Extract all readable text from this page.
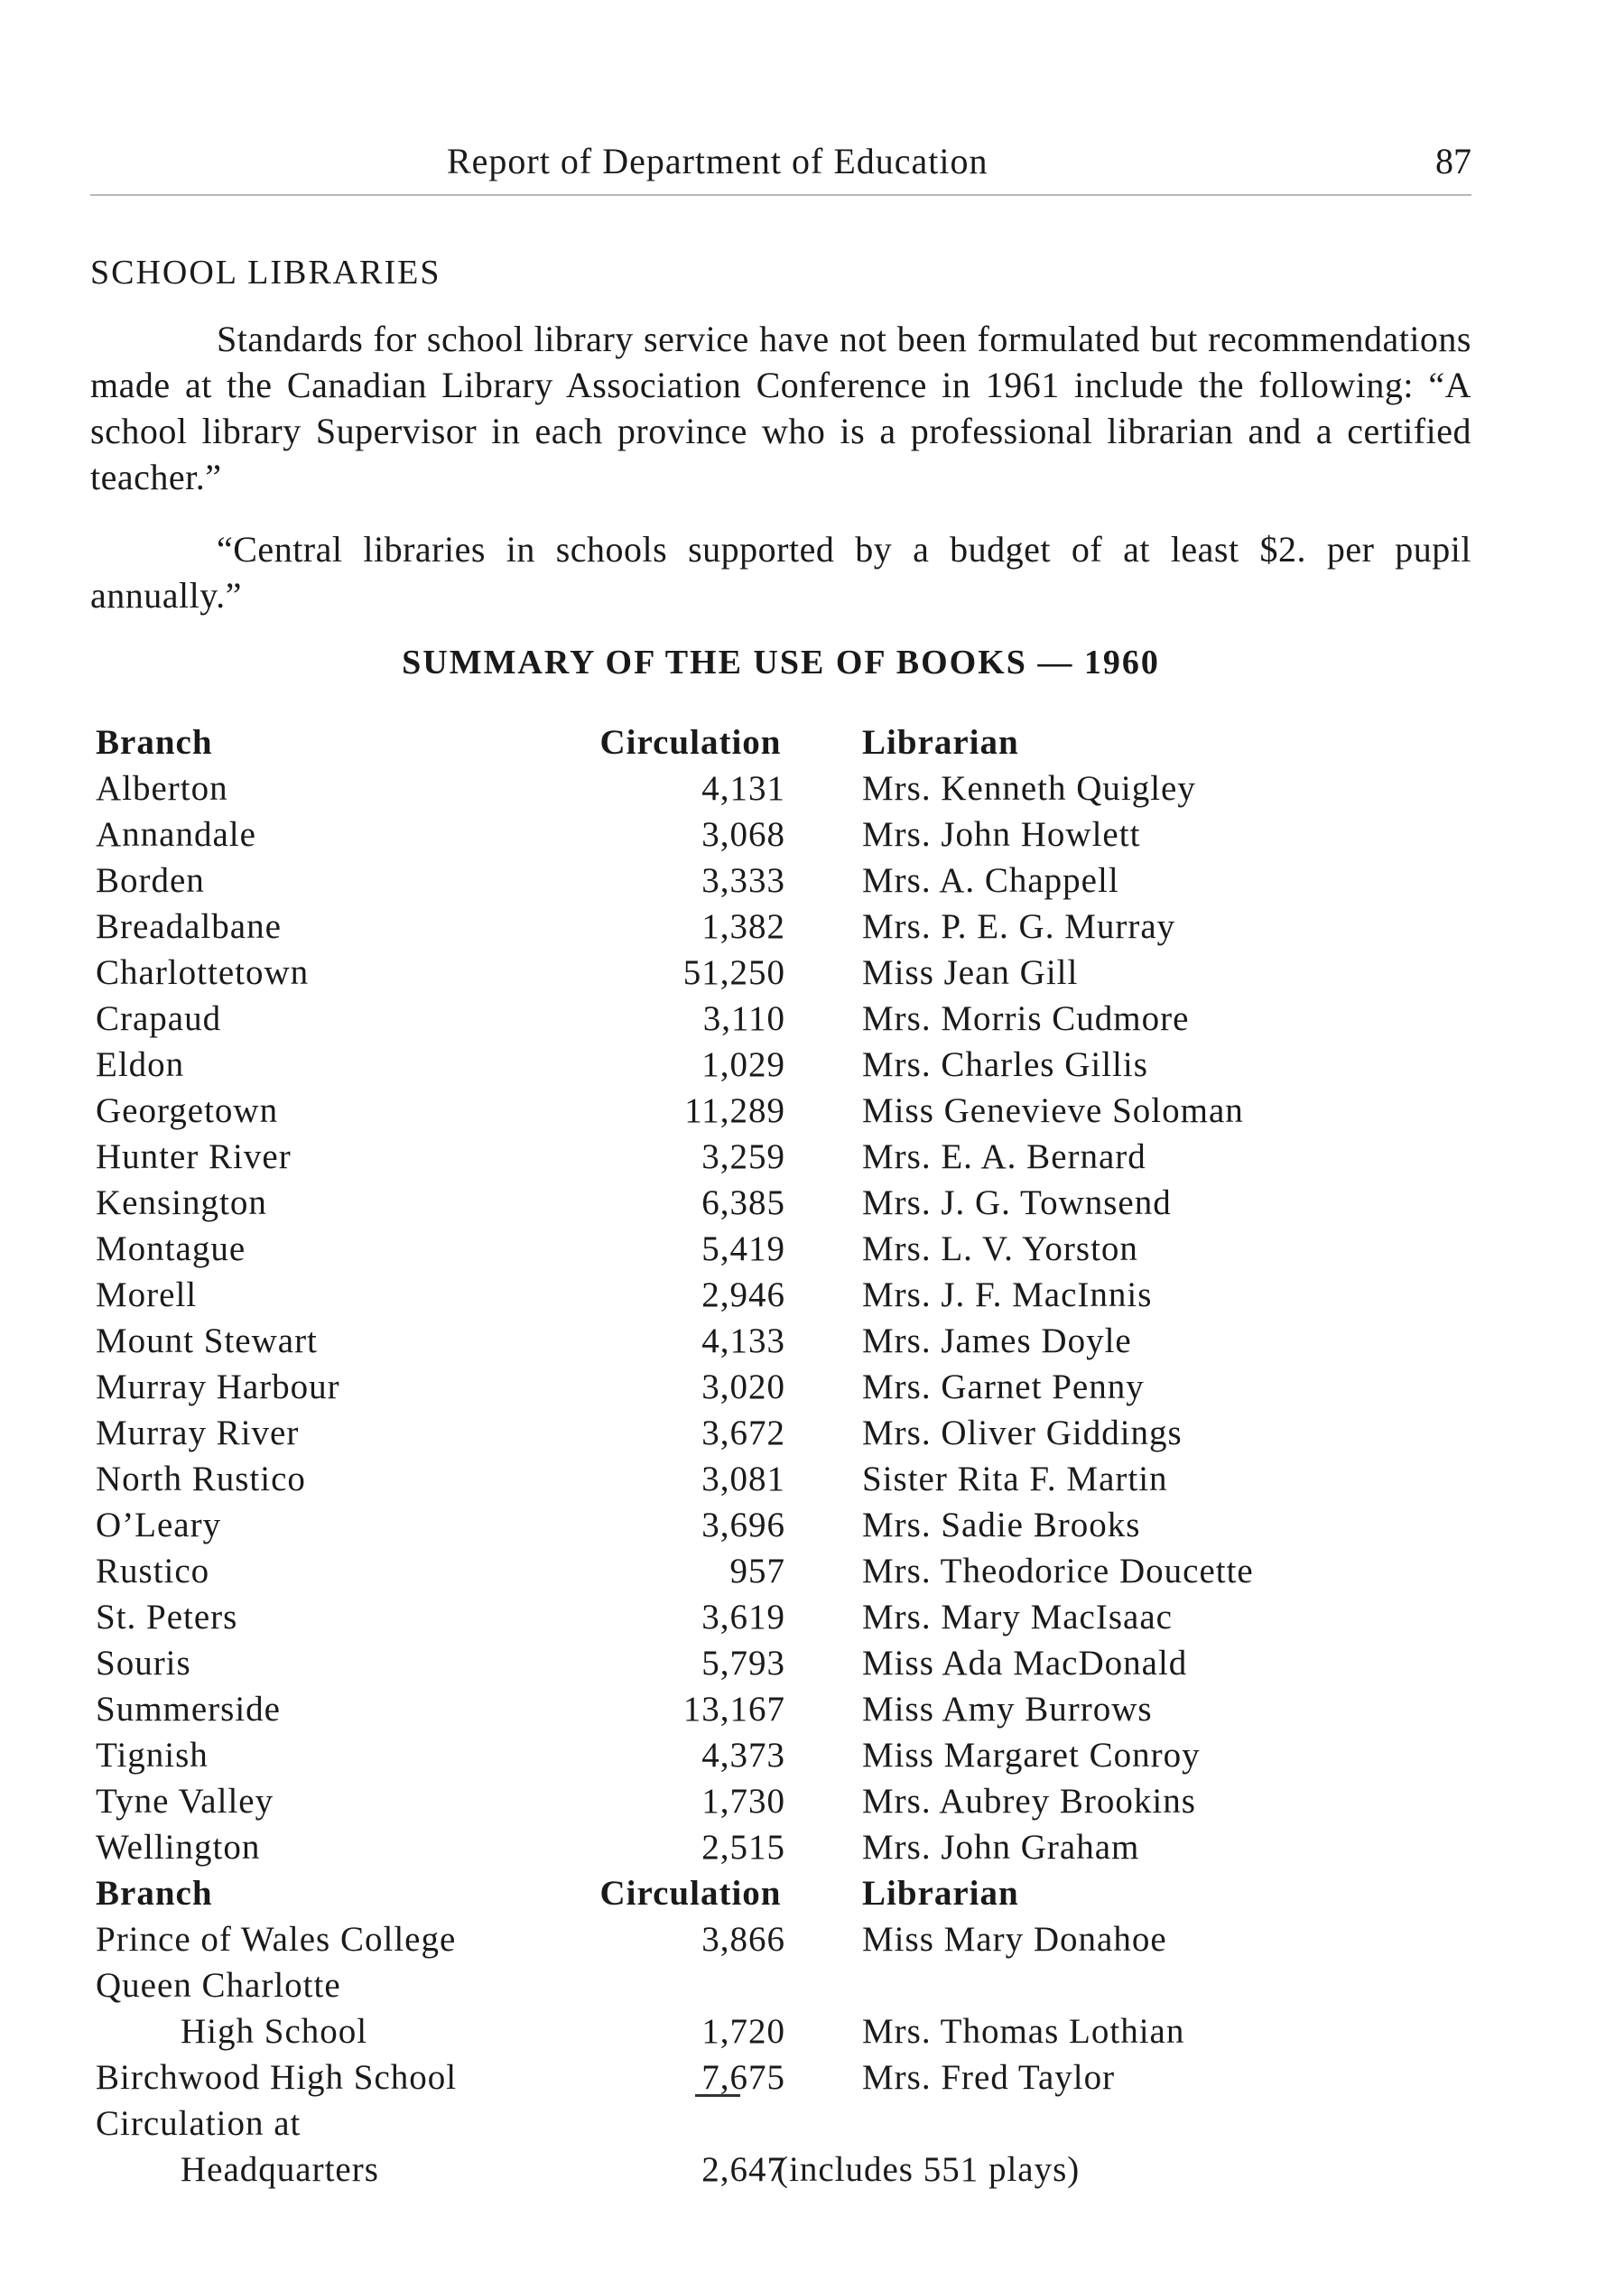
Report of Department of Education	87
SCHOOL LIBRARIES

Standards for school library service have not been formulated but recommendations made at the Canadian Library Association Conference in 1961 include the following: “A school library Supervisor in each province who is a professional librarian and a certified teacher.”

“Central libraries in schools supported by a budget of at least $2. per pupil annually.”

SUMMARY OF THE USE OF BOOKS — 1960
Branch	Circulation	Librarian
Alberton	4,131 Mrs. Kenneth Quigley
Annandale	3,068 Mrs. John Howlett
Borden	3,333 Mrs. A. Chappell
Breadalbane	1,382 Mrs. P. E. G. Murray
Charlottetown	51,250 Miss Jean Gill
Crapaud	3,110 Mrs. Morris Cudmore
Eldon	1,029 Mrs. Charles Gillis
Georgetown	11,289 Miss Genevieve Soloman
Hunter River	3,259 Mrs. E. A. Bernard
Kensington	6,385 Mrs. J. G. Townsend
Montague	5,419 Mrs. L. V. Yorston
Morell	2,946 Mrs. J. F. MacInnis
Mount Stewart	4,133 Mrs. James Doyle
Murray Harbour	3,020 Mrs. Garnet Penny
Murray River	3,672 Mrs. Oliver Giddings
North Rustico	3,081 Sister Rita F. Martin
O’Leary	3,696 Mrs. Sadie Brooks
Rustico	957 Mrs. Theodorice Doucette
St. Peters	3,619 Mrs. Mary MacIsaac
Souris	5,793 Miss Ada MacDonald
Summerside	13,167 Miss Amy Burrows
Tignish	4,373 Miss Margaret Conroy
Tyne Valley	1,730 Mrs. Aubrey Brookins
Wellington	2,515 Mrs. John Graham
Branch	Circulation	Librarian
Prince of Wales College	3,866 Miss Mary Donahoe
Queen Charlotte
High School	1,720 Mrs. Thomas Lothian
Birchwood High School	7,675 Mrs. Fred Taylor
Circulation at
Headquarters	2,647
(includes 551 plays)
